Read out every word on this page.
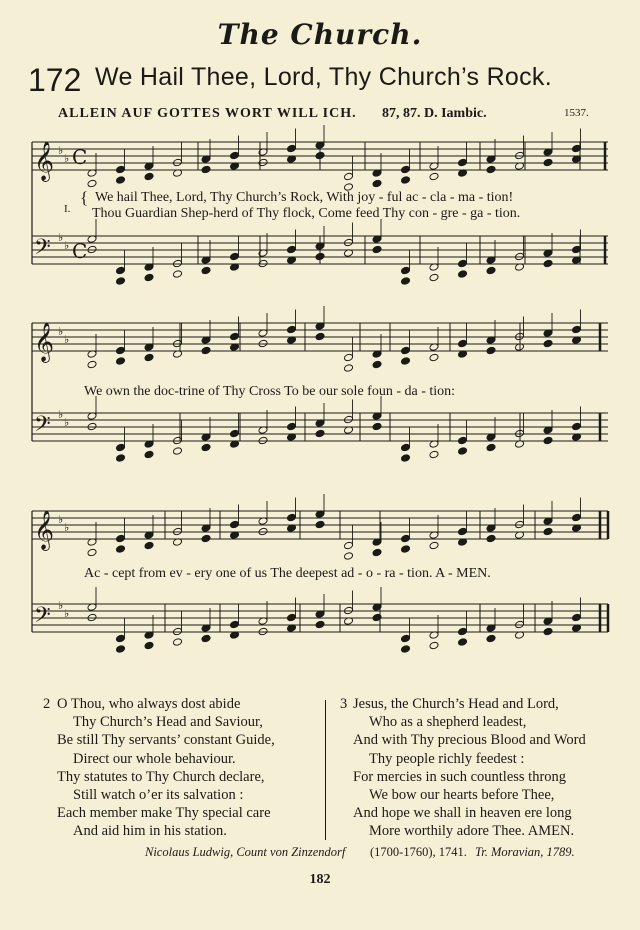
The Church.
172 We Hail Thee, Lord, Thy Church’s Rock.
ALLEIN AUF GOTTES WORT WILL ICH. 87, 87. D. Iambic.	1537.
𝄞 ♭
♭ C
𝄢 ♭
♭ C
𝄞 ♭
♭
𝄢 ♭
♭
𝄞 ♭
♭
𝄢 ♭
♭
I.
{ We hail Thee, Lord, Thy Church’s Rock, With joy - ful ac - cla - ma - tion!
Thou Guardian Shep-herd of Thy flock, Come feed Thy con - gre - ga - tion.
We own the doc-trine of Thy Cross To be our sole foun - da - tion:
Ac - cept from ev - ery one of us The deepest ad - o - ra - tion. A - MEN.
2 O Thou, who always dost abide
Thy Church’s Head and Saviour,
Be still Thy servants’ constant Guide,
Direct our whole behaviour.
Thy statutes to Thy Church declare,
Still watch o’er its salvation :
Each member make Thy special care
And aid him in his station.
3 Jesus, the Church’s Head and Lord,
Who as a shepherd leadest,
And with Thy precious Blood and Word
Thy people richly feedest :
For mercies in such countless throng
We bow our hearts before Thee,
And hope we shall in heaven ere long
More worthily adore Thee. AMEN.
Nicolaus Ludwig, Count von Zinzendorf (1700-1760), 1741. Tr. Moravian, 1789.
182
